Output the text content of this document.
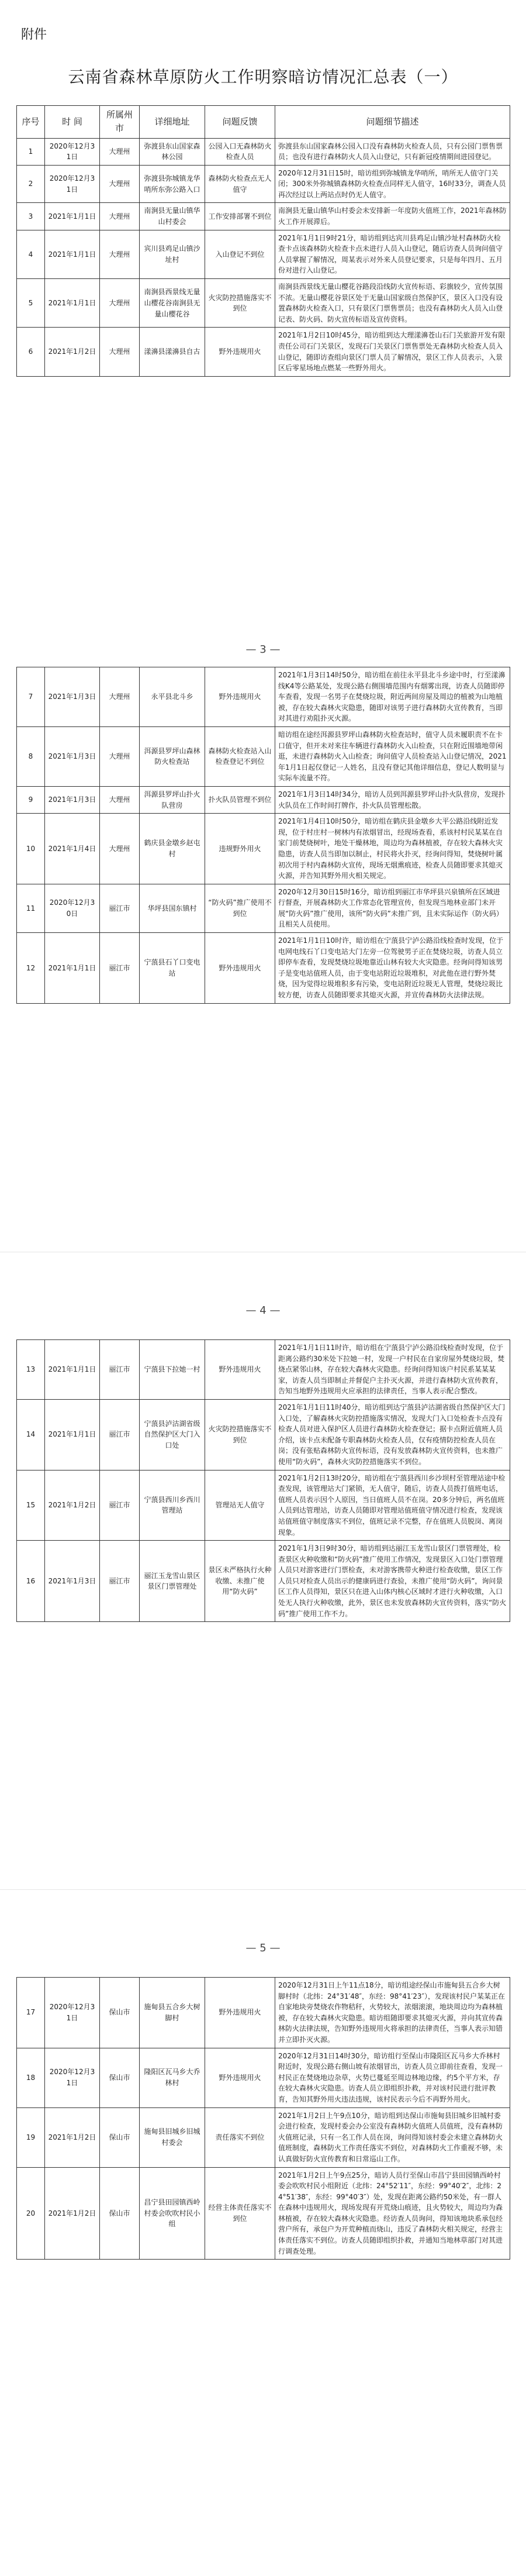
附件
云南省森林草原防火工作明察暗访情况汇总表（一）
序号	时 间	所属州市	详细地址	问题反馈	问题细节描述
1	2020年12月31日	大理州	弥渡县东山国家森林公园	公园入口无森林防火检查人员	弥渡县东山国家森林公园入口没有森林防火检查人员，只有公园门票售票员；也没有进行森林防火人员入山登记，只有新冠疫情期间进园登记。
2	2020年12月31日	大理州	弥渡县弥城镇龙华哨所东弥公路入口	森林防火检查点无人值守	2020年12月31日15时，暗访组到弥城镇龙华哨所，哨所无人值守门关闭；300米外弥城镇森林防火检查点同样无人值守，16时33分，调查人员再次经过以上两站点时仍无人值守。
3	2021年1月1日	大理州	南涧县无量山镇华山村委会	工作安排部署不到位	南涧县无量山镇华山村委会未安排新一年度防火值班工作，2021年森林防火工作开展滞后。
4	2021年1月1日	大理州	宾川县鸡足山镇沙址村	入山登记不到位	2021年1月1日9时21分，暗访组到达宾川县鸡足山镇沙址村森林防火检查卡点该森林防火检查卡点未进行人员入山登记，随后访查人员询问值守人员掌握了解情况，周某表示对外来人员登记要求，只是每年四月、五月份对进行入山登记。
5	2021年1月1日	大理州	南涧县西景线无量山樱花谷南涧县无量山樱花谷	火灾防控措施落实不到位	南涧县西景线无量山樱花谷路段沿线防火宣传标语、彩旗较少，宣传氛围不浓。无量山樱花谷景区处于无量山国家级自然保护区，景区入口没有设置森林防火检查入口，只有景区门票售票员；也没有森林防火人员入山登记表、防火码、防火宣传标语及宣传资料。
6	2021年1月2日	大理州	漾濞县漾濞县自古	野外违规用火	2021年1月2日10时45分，暗访组到达大理漾濞苍山石门关旅游开发有限责任公司石门关景区，发现石门关景区门票售票处无森林防火检查人员入山登记，随即访查组向景区门票人员了解情况，景区工作人员表示，入景区后零星场地点燃某一些野外用火。
— 3 —
7	2021年1月3日	大理州	永平县北斗乡	野外违规用火	2021年1月3日14时50分，暗访组在前往永平县北斗乡途中时，行至漾濞线K4等公路某处，发现公路右侧围墙范围内有烟雾出现，访查人员随即停车查看，发现一名男子在焚烧垃圾，附近两间房屋及周边的植被为山地植被，存在较大森林火灾隐患，随即对该男子进行森林防火宣传教育，当即对其进行劝阻扑灭火源。
8	2021年1月3日	大理州	洱源县罗坪山森林防火检查站	森林防火检查站入山检查登记不到位	暗访组在途经洱源县罗坪山森林防火检查站时，值守人员未履职责不在卡口值守，但开未对来往车辆进行森林防火入山检查，只在附近围墙地带闲逛，未进行森林防火入山检查；询问值守人员检查站入山登记情况，2021年1月1日起仅登记一人姓名，且没有登记其他详细信息，登记人数明显与实际车流量不符。
9	2021年1月3日	大理州	洱源县罗坪山扑火队营房	扑火队员管理不到位	2021年1月3日14时34分，暗访人员到洱源县罗坪山扑火队营房，发现扑火队员在工作时间打牌作，扑火队员管理松散。
10	2021年1月4日	大理州	鹤庆县金墩乡赵屯村	违规野外用火	2021年1月4日10时50分，暗访组在鹤庆县金墩乡大平公路沿线附近发现，位于村庄村一树林内有浓烟冒出，经现场查看，系该村村民某某在自家门前焚烧树叶，地处干燥林地，周边均为森林植被，存在较大森林火灾隐患，访查人员当即加以制止，村民将火扑灭，经询问得知，焚烧树叶属初次用于村内森林防火宣传，现场无烟熏痕迹，检查人员随即要求其熄灭火源，并告知其野外用火相关规定。
11	2020年12月30日	丽江市	华坪县国东镇村	“防火码”推广使用不到位	2020年12月30日15时16分，暗访组到丽江市华坪县兴泉镇所在区域进行督查，开展森林防火工作常态化管理宣传，但发现当地林业部门未开展“防火码”推广使用，该所“防火码”未推广到，且未实际运作（防火码）且相关人员使用。
12	2021年1月1日	丽江市	宁蒗县石丫口变电站	野外违规用火	2021年1月1日10时许，暗访组在宁蒗县宁泸公路沿线检查时发现，位于电网电线石丫口变电站大门左旁一位驾驶男子正在焚烧垃圾，访查人员立即停车查看，发现焚烧垃圾地靠近山林有较大火灾隐患。经询问得知该男子是变电站值班人员，由于变电站附近垃圾堆积，对此他在进行野外焚烧，因为觉得垃圾堆积多有污染，变电站附近垃圾无人管理，焚烧垃圾比较方便，访查人员随即要求其熄灭火源，并宣传森林防火法律法规。
— 4 —
13	2021年1月1日	丽江市	宁蒗县下拉她一村	野外违规用火	2021年1月1日11时许，暗访组在宁蒗县宁泸公路沿线检查时发现，位于距离公路约30米处下拉她一村，发现一户村民在自家房屋外焚烧垃圾，焚烧点紧邻山林，存在较大森林火灾隐患。经询问得知该户村民系某某某家，访查人员当即制止并督促户主扑灭火源，并进行森林防火宣传教育，告知当地野外违规用火应承担的法律责任，当事人表示配合整改。
14	2021年1月1日	丽江市	宁蒗县泸沽湖省级自然保护区大门入口处	火灾防控措施落实不到位	2021年1月1日11时40分，暗访组到达宁蒗县泸沽湖省级自然保护区大门入口处，了解森林火灾防控措施落实情况，发现大门入口处检查卡点没有检查人员对进入保护区人员进行森林防火检查登记；据卡点附近值班人员介绍，该卡点未配备专职森林防火检查人员，仅有疫情防控检查人员在岗；没有张贴森林防火宣传标语，没有发放森林防火宣传资料，也未推广使用“防火码”，森林火灾防控措施落实不到位。
15	2021年1月2日	丽江市	宁蒗县西川乡西川管理站	管理站无人值守	2021年1月2日13时20分，暗访组在宁蒗县西川乡沙坝村至管理站途中检查发现，该管理站大门紧锁，无人值守，随后，访查人员拨打值班电话，值班人员表示因个人原因，当日值班人员不在岗。20多分钟后，两名值班人员到达管理站，访查人员随即对管理站值班值守情况进行检查，发现该站值班值守制度落实不到位，值班记录不完整，存在值班人员脱岗、离岗现象。
16	2021年1月3日	丽江市	丽江玉龙雪山景区景区门票管理处	景区未严格执行火种收缴、未推广使用“防火码”	2021年1月3日9时30分，暗访组到达丽江玉龙雪山景区门票管理处，检查景区火种收缴和“防火码”推广使用工作情况，发现景区入口处门票管理人员只对游客进行门票检查，未对游客携带火种进行检查收缴，景区工作人员只对检查人员出示的健康码进行查验，未推广使用“防火码”，询问景区工作人员得知，景区只在进入山体内核心区域时才进行火种收缴，入口处无人执行火种收缴，此外，景区也未发放森林防火宣传资料，落实“防火码”推广使用工作不力。
— 5 —
17	2020年12月31日	保山市	施甸县五合乡大树脚村	野外违规用火	2020年12月31日上午11点18分，暗访组途经保山市施甸县五合乡大树脚村时（北纬：24°31′48″，东经：98°41′23″），发现该村民户某某正在自家地块旁焚烧农作物秸秆，火势较大，浓烟滚滚，地块周边均为森林植被，存在较大森林火灾隐患。暗访组随即要求其熄灭火源，并向其宣传森林防火法律法规，告知野外违规用火将承担的法律责任，当事人表示知错并立即扑灭火源。
18	2020年12月31日	保山市	隆阳区瓦马乡大乔林村	野外违规用火	2020年12月31日14时30分，暗访组行至保山市隆阳区瓦马乡大乔林村附近时，发现公路右侧山坡有浓烟冒出，访查人员立即前往查看，发现一村民正在焚烧地边杂草，火势已蔓延至周边林地边缘，约5个平方米，存在较大森林火灾隐患。访查人员立即组织扑救，并对该村民进行批评教育，告知其野外用火违法违规，该村民表示今后不再野外用火。
19	2021年1月2日	保山市	施甸县旧城乡旧城村委会	责任落实不到位	2021年1月2日上午9点10分，暗访组到达保山市施甸县旧城乡旧城村委会进行检查，发现村委会办公室没有森林防火值班人员值班，没有森林防火值班记录，只有一名工作人员在岗，询问得知该村委会未建立森林防火值班制度，森林防火工作责任落实不到位，对森林防火工作重视不够，未认真做好防火宣传教育和日常巡山工作。
20	2021年1月2日	保山市	昌宁县田园镇西岭村委会吹吹村民小组	经营主体责任落实不到位	2021年1月2日上午9点25分，暗访人员行至保山市昌宁县田园镇西岭村委会吹吹村民小组附近（北纬：24°52′11″，东经：99°40′2″，北纬：24°51′38″，东经：99°40′3″）处，发现在距离公路约50米处，有一群人在森林中违规用火，现场发现有开荒烧山痕迹，且火势较大，周边均为森林植被，存在较大森林火灾隐患。经访查人员询问，得知该地块系承包经营户所有，承包户为开荒种植而烧山，违反了森林防火相关规定，经营主体责任落实不到位。访查人员随即组织扑救，并通知当地林草部门对其进行调查处理。
